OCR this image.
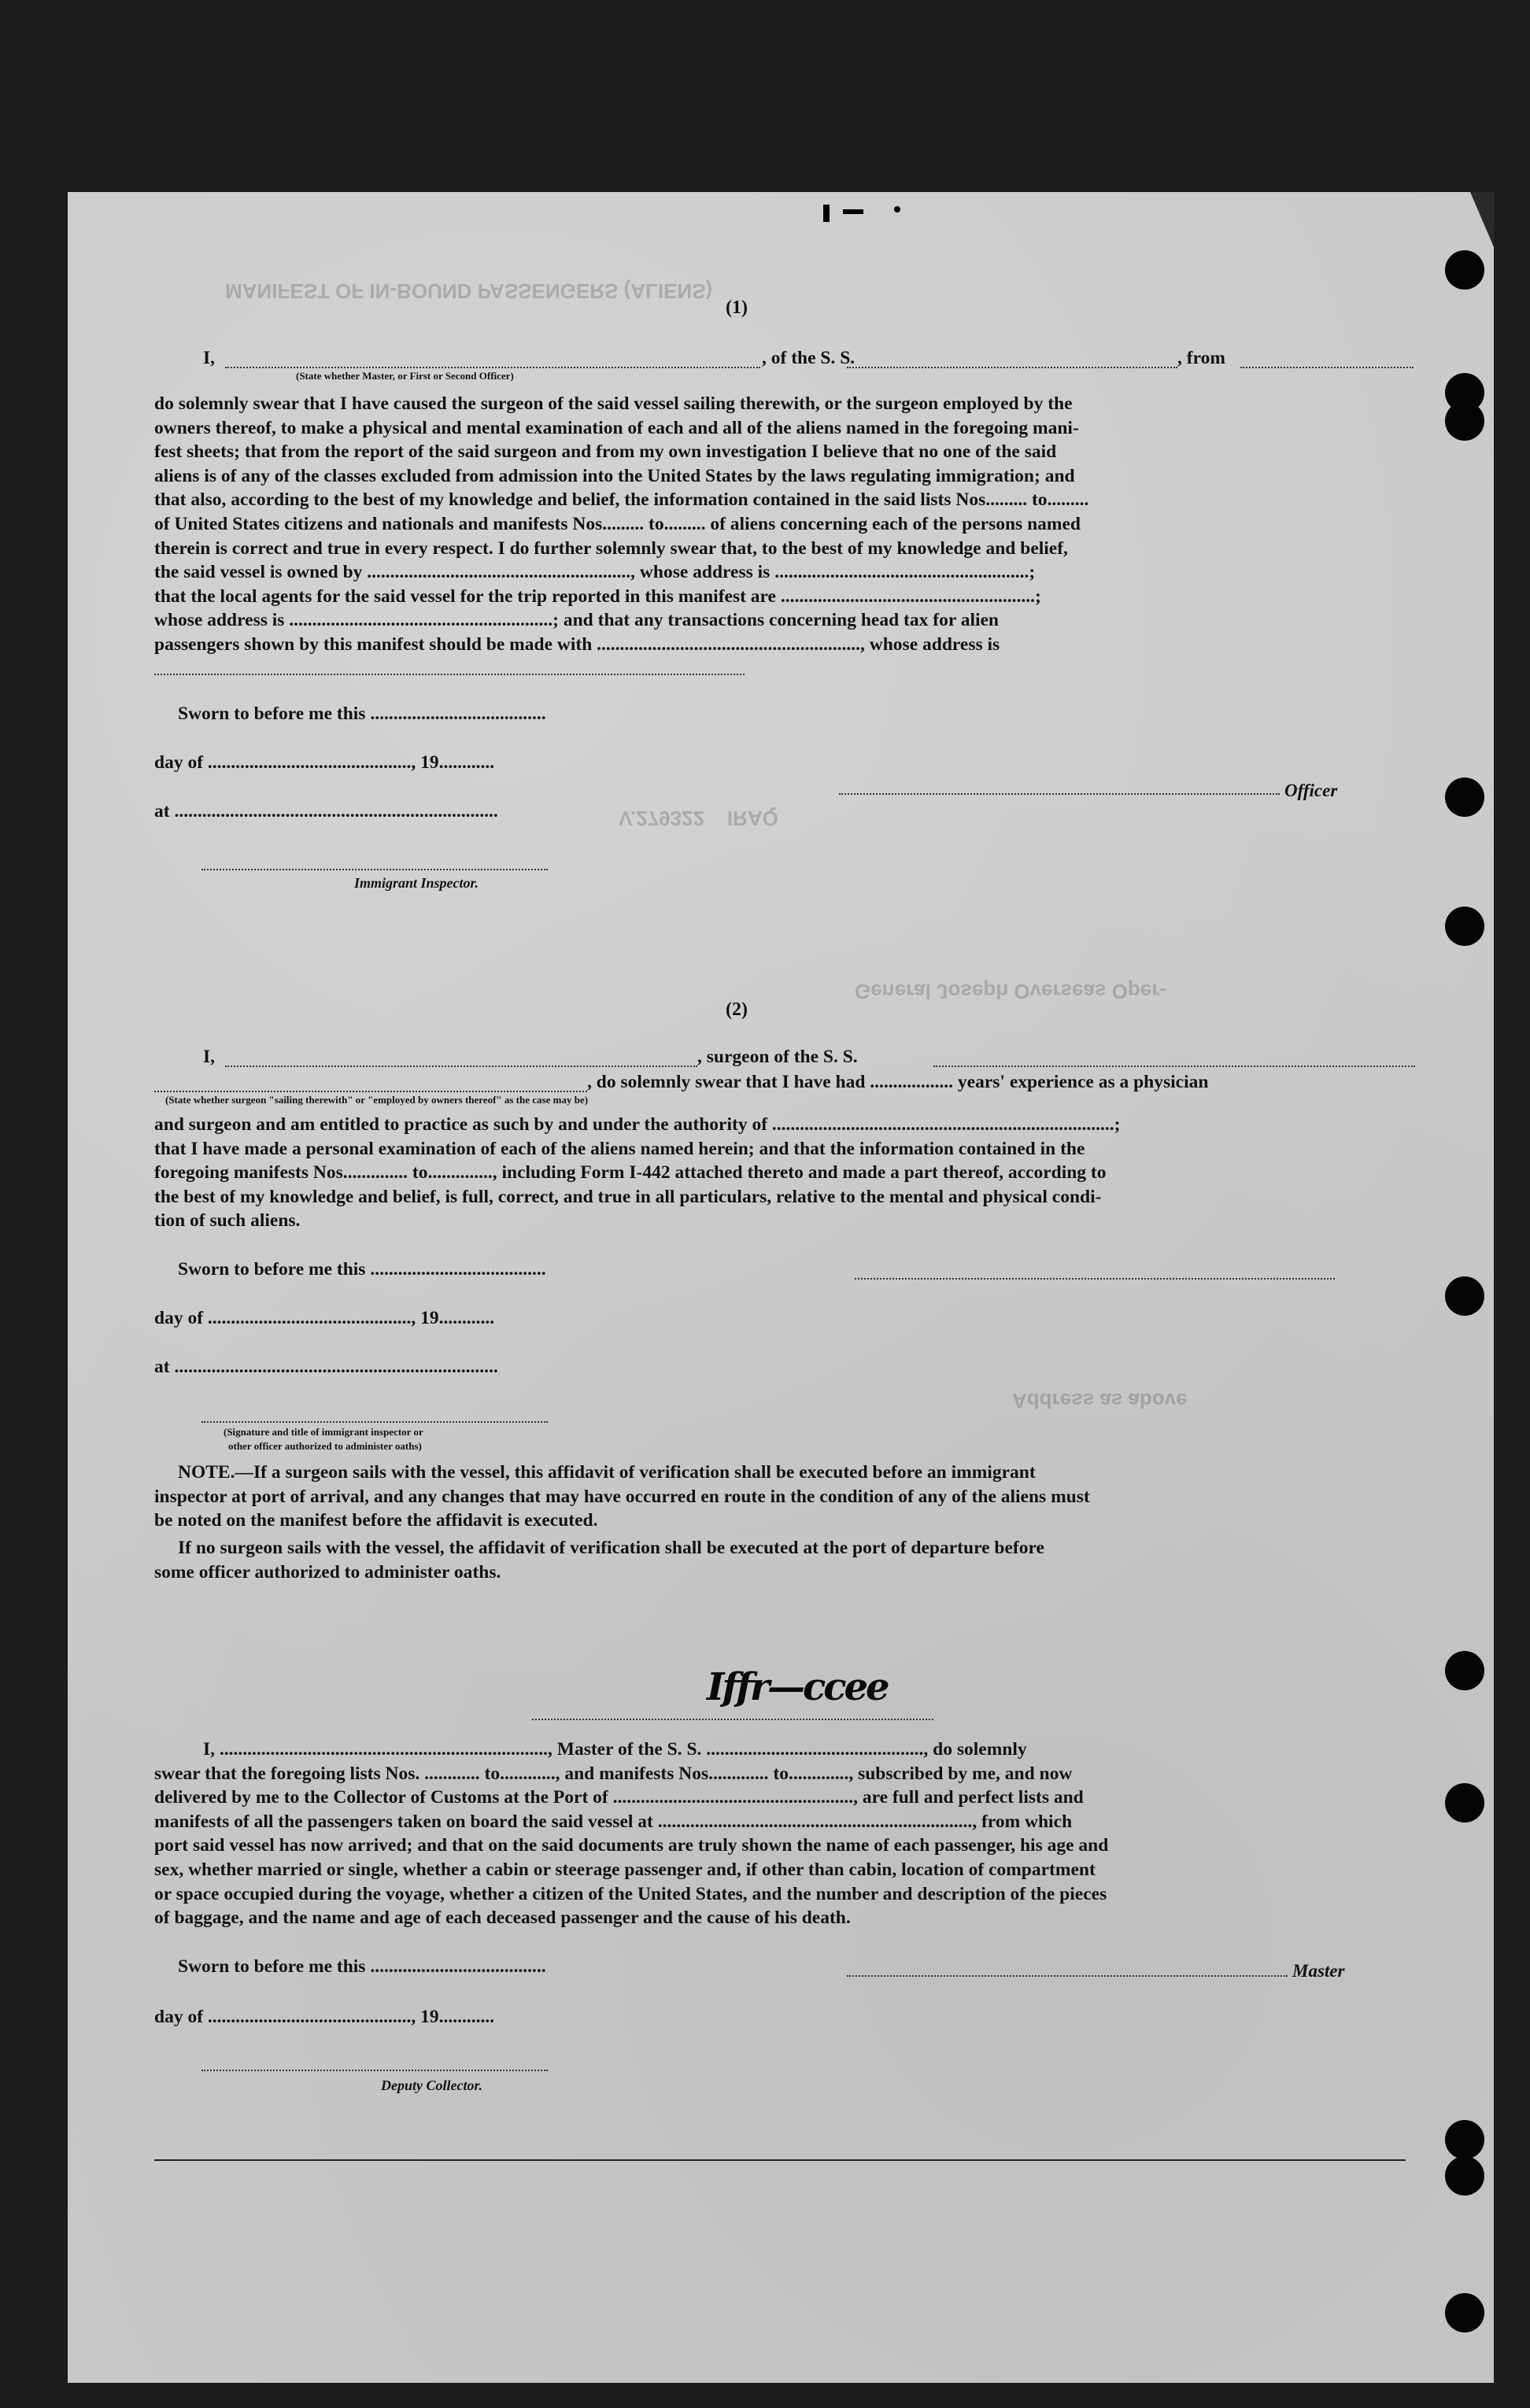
MANIFEST OF IN-BOUND PASSENGERS (ALIENS)
V.279322    IRAQ
General Joseph Overseas Oper-
Address as above
(1)
I,	, of the S. S.	, from
(State whether Master, or First or Second Officer)
do solemnly swear that I have caused the surgeon of the said vessel sailing therewith, or the surgeon employed by the
owners thereof, to make a physical and mental examination of each and all of the aliens named in the foregoing mani-
fest sheets; that from the report of the said surgeon and from my own investigation I believe that no one of the said
aliens is of any of the classes excluded from admission into the United States by the laws regulating immigration; and
that also, according to the best of my knowledge and belief, the information contained in the said lists Nos......... to.........
of United States citizens and nationals and manifests Nos......... to......... of aliens concerning each of the persons named
therein is correct and true in every respect. I do further solemnly swear that, to the best of my knowledge and belief,
the said vessel is owned by ........................................................., whose address is .......................................................;
that the local agents for the said vessel for the trip reported in this manifest are .......................................................;
whose address is .........................................................; and that any transactions concerning head tax for alien
passengers shown by this manifest should be made with ........................................................., whose address is
Sworn to before me this ......................................
day of ............................................, 19............
at ......................................................................
Immigrant Inspector.
Officer
(2)
I,	, surgeon of the S. S.
, do solemnly swear that I have had .................. years' experience as a physician
(State whether surgeon "sailing therewith" or "employed by owners thereof" as the case may be)
and surgeon and am entitled to practice as such by and under the authority of ..........................................................................;
that I have made a personal examination of each of the aliens named herein; and that the information contained in the
foregoing manifests Nos.............. to.............., including Form I-442 attached thereto and made a part thereof, according to
the best of my knowledge and belief, is full, correct, and true in all particulars, relative to the mental and physical condi-
tion of such aliens.
Sworn to before me this ......................................
day of ............................................, 19............
at ......................................................................
(Signature and title of immigrant inspector or
other officer authorized to administer oaths)
NOTE.—If a surgeon sails with the vessel, this affidavit of verification shall be executed before an immigrant
inspector at port of arrival, and any changes that may have occurred en route in the condition of any of the aliens must
be noted on the manifest before the affidavit is executed.
If no surgeon sails with the vessel, the affidavit of verification shall be executed at the port of departure before
some officer authorized to administer oaths.
Iffr—ccee
I, ......................................................................., Master of the S. S. ..............................................., do solemnly
swear that the foregoing lists Nos. ............ to............, and manifests Nos............. to............., subscribed by me, and now
delivered by me to the Collector of Customs at the Port of ...................................................., are full and perfect lists and
manifests of all the passengers taken on board the said vessel at ...................................................................., from which
port said vessel has now arrived; and that on the said documents are truly shown the name of each passenger, his age and
sex, whether married or single, whether a cabin or steerage passenger and, if other than cabin, location of compartment
or space occupied during the voyage, whether a citizen of the United States, and the number and description of the pieces
of baggage, and the name and age of each deceased passenger and the cause of his death.
Sworn to before me this ......................................
day of ............................................, 19............
Master
Deputy Collector.
